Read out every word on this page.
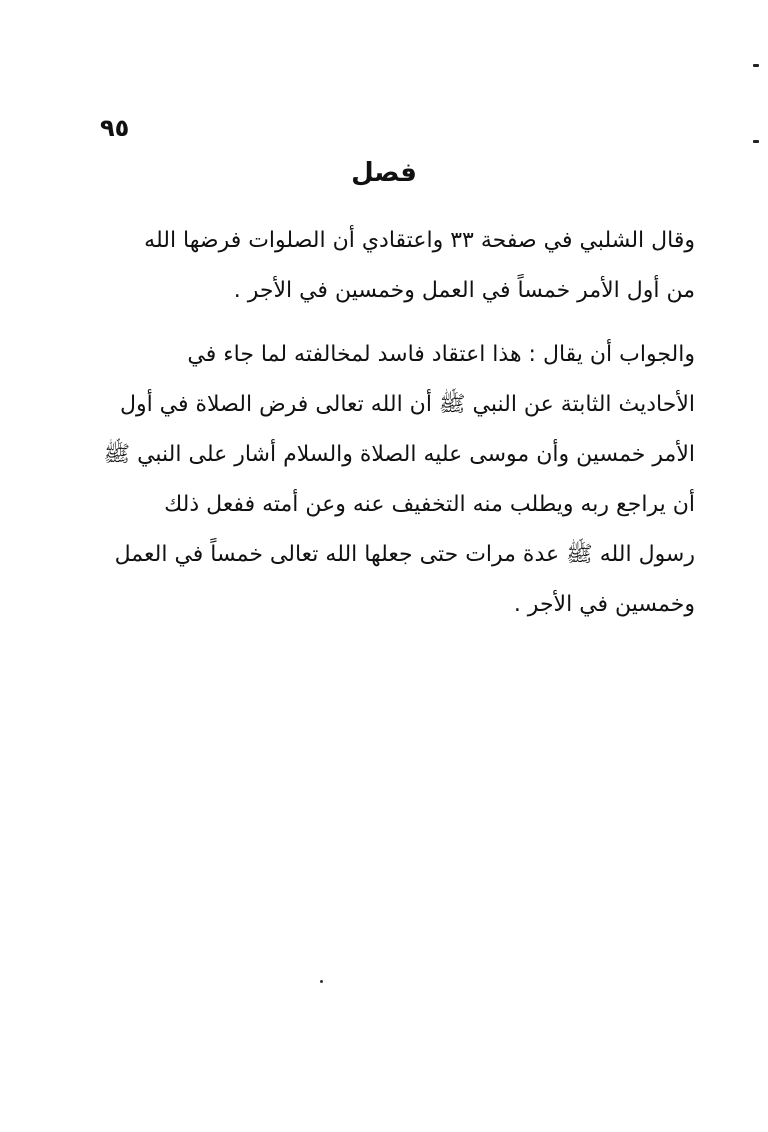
٩٥
فصل
وقال الشلبي في صفحة ٣٣ واعتقادي أن الصلوات فرضها الله
من أول الأمر خمساً في العمل وخمسين في الأجر .
والجواب أن يقال : هذا اعتقاد فاسد لمخالفته لما جاء في
الأحاديث الثابتة عن النبي ﷺ أن الله تعالى فرض الصلاة في أول
الأمر خمسين وأن موسى عليه الصلاة والسلام أشار على النبي ﷺ
أن يراجع ربه ويطلب منه التخفيف عنه وعن أمته ففعل ذلك
رسول الله ﷺ عدة مرات حتى جعلها الله تعالى خمساً في العمل
وخمسين في الأجر .
